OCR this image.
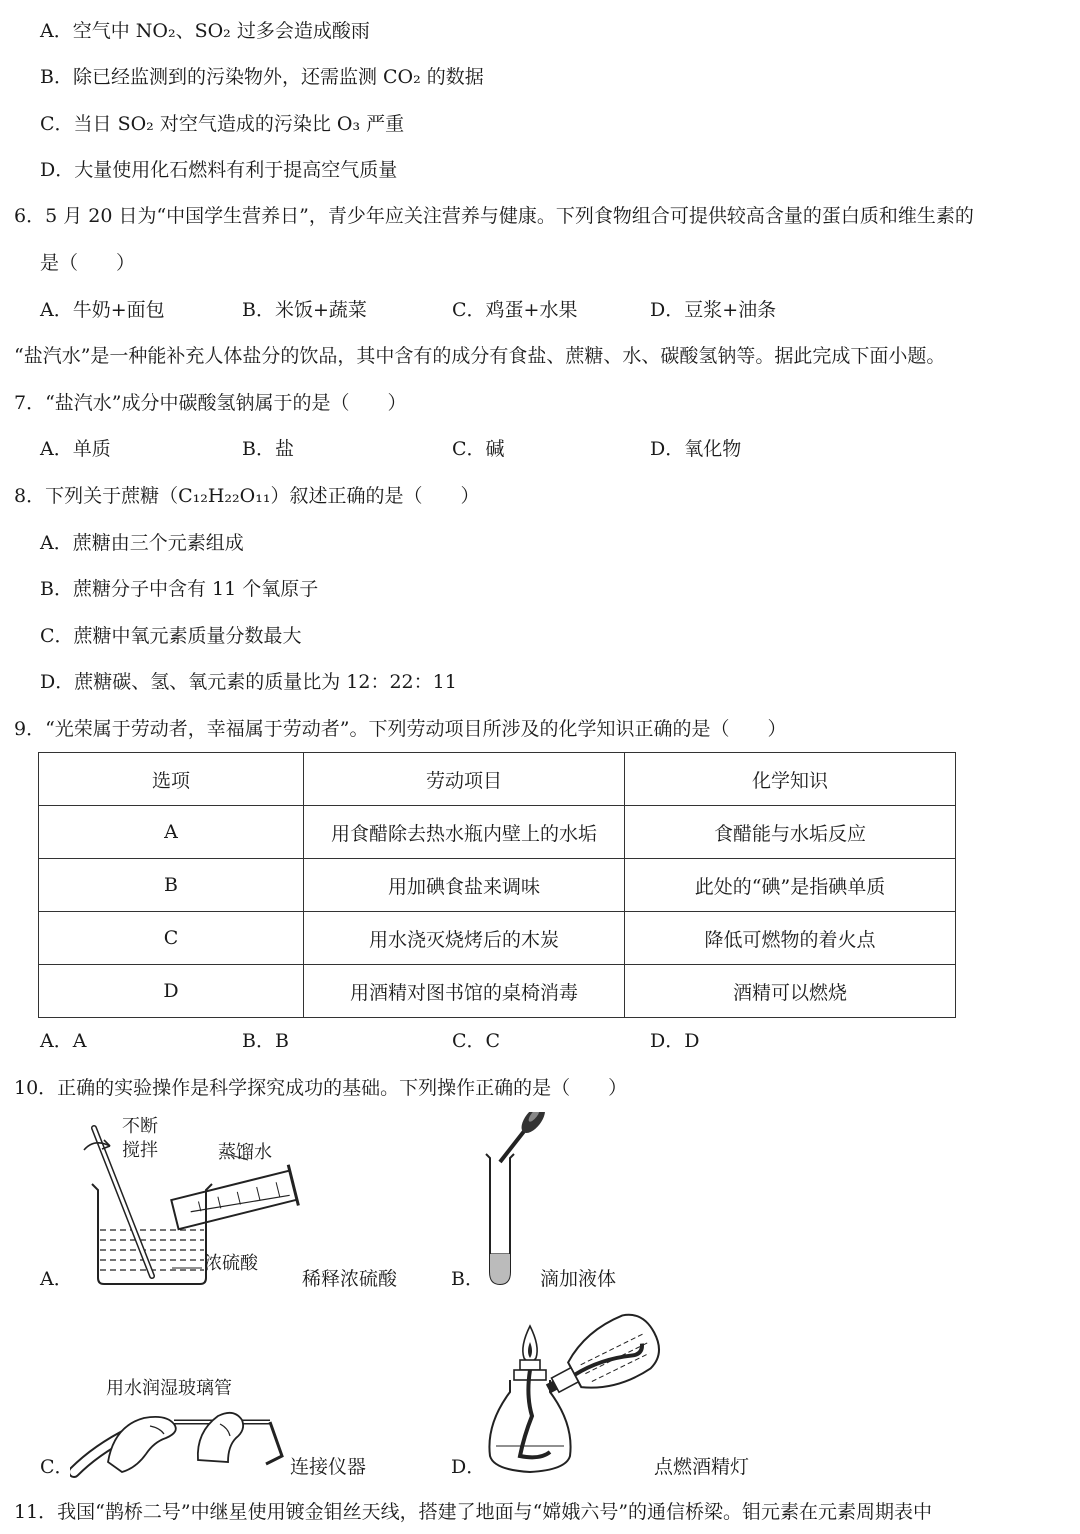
A．空气中 NO₂、SO₂ 过多会造成酸雨
B．除已经监测到的污染物外，还需监测 CO₂ 的数据
C．当日 SO₂ 对空气造成的污染比 O₃ 严重
D．大量使用化石燃料有利于提高空气质量
6．5 月 20 日为“中国学生营养日”，青少年应关注营养与健康。下列食物组合可提供较高含量的蛋白质和维生素的
是（　　）
A．牛奶+面包	B．米饭+蔬菜	C．鸡蛋+水果	D．豆浆+油条
“盐汽水”是一种能补充人体盐分的饮品，其中含有的成分有食盐、蔗糖、水、碳酸氢钠等。据此完成下面小题。
7．“盐汽水”成分中碳酸氢钠属于的是（　　）
A．单质	B．盐	C．碱	D．氧化物
8．下列关于蔗糖（C₁₂H₂₂O₁₁）叙述正确的是（　　）
A．蔗糖由三个元素组成
B．蔗糖分子中含有 11 个氧原子
C．蔗糖中氧元素质量分数最大
D．蔗糖碳、氢、氧元素的质量比为 12：22：11
9．“光荣属于劳动者，幸福属于劳动者”。下列劳动项目所涉及的化学知识正确的是（　　）
选项	劳动项目	化学知识
A	用食醋除去热水瓶内壁上的水垢	食醋能与水垢反应
B	用加碘食盐来调味	此处的“碘”是指碘单质
C	用水浇灭烧烤后的木炭	降低可燃物的着火点
D	用酒精对图书馆的桌椅消毒	酒精可以燃烧
A．A	B．B	C．C	D．D
10．正确的实验操作是科学探究成功的基础。下列操作正确的是（　　）
不断
搅拌	蒸馏水
浓硫酸
A．	稀释浓硫酸	B．	滴加液体
用水润湿玻璃管
C．	连接仪器	D．	点燃酒精灯
11．我国“鹊桥二号”中继星使用镀金钼丝天线，搭建了地面与“嫦娥六号”的通信桥梁。钼元素在元素周期表中
